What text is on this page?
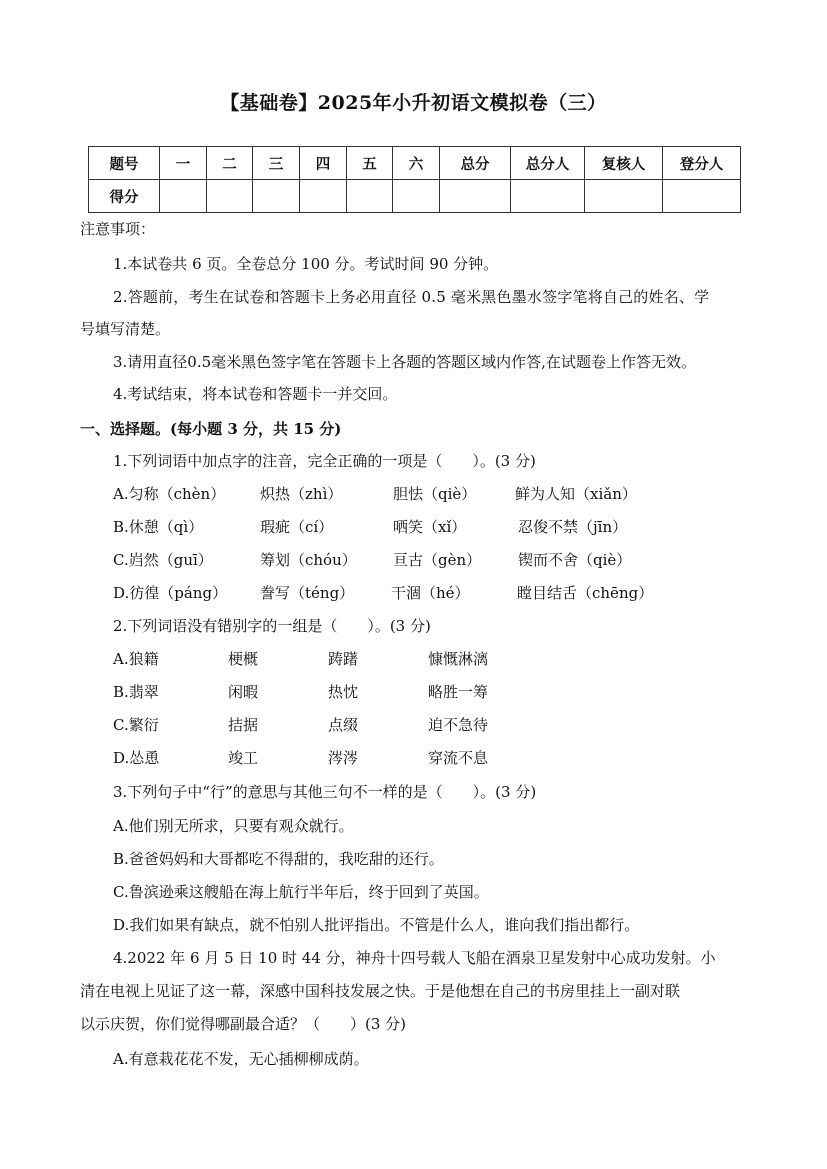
【基础卷】2025年小升初语文模拟卷（三）
题号	一	二	三	四	五	六	总分	总分人	复核人	登分人
得分										
注意事项：
1.本试卷共 6 页。全卷总分 100 分。考试时间 90 分钟。
2.答题前，考生在试卷和答题卡上务必用直径 0.5 毫米黑色墨水签字笔将自己的姓名、学
号填写清楚。
3.请用直径0.5毫米黑色签字笔在答题卡上各题的答题区域内作答,在试题卷上作答无效。
4.考试结束，将本试卷和答题卡一并交回。
一、选择题。(每小题 3 分，共 15 分)
1.下列词语中加点字的注音，完全正确的一项是（　　）。(3 分)
A.匀称（chèn） 炽热（zhì）	胆怯（qiè）	鲜为人知（xiǎn）
B.休憩（qì）	瑕疵（cí）	哂笑（xǐ）	忍俊不禁（jīn）
C.岿然（guī）	筹划（chóu） 亘古（gèn） 锲而不舍（qiè）
D.彷徨（páng） 誊写（téng） 干涸（hé）	瞠目结舌（chēng）
2.下列词语没有错别字的一组是（　　）。(3 分)
A.狼籍	梗概	踌躇	慷慨淋漓
B.翡翠	闲暇	热忱	略胜一筹
C.繁衍	拮据	点缀	迫不急待
D.怂恿	竣工	涔涔	穿流不息
3.下列句子中“行”的意思与其他三句不一样的是（　　）。(3 分)
A.他们别无所求，只要有观众就行。
B.爸爸妈妈和大哥都吃不得甜的，我吃甜的还行。
C.鲁滨逊乘这艘船在海上航行半年后，终于回到了英国。
D.我们如果有缺点，就不怕别人批评指出。不管是什么人，谁向我们指出都行。
4.2022 年 6 月 5 日 10 时 44 分，神舟十四号载人飞船在酒泉卫星发射中心成功发射。小
清在电视上见证了这一幕，深感中国科技发展之快。于是他想在自己的书房里挂上一副对联
以示庆贺，你们觉得哪副最合适？（　　）(3 分)
A.有意栽花花不发，无心插柳柳成荫。
